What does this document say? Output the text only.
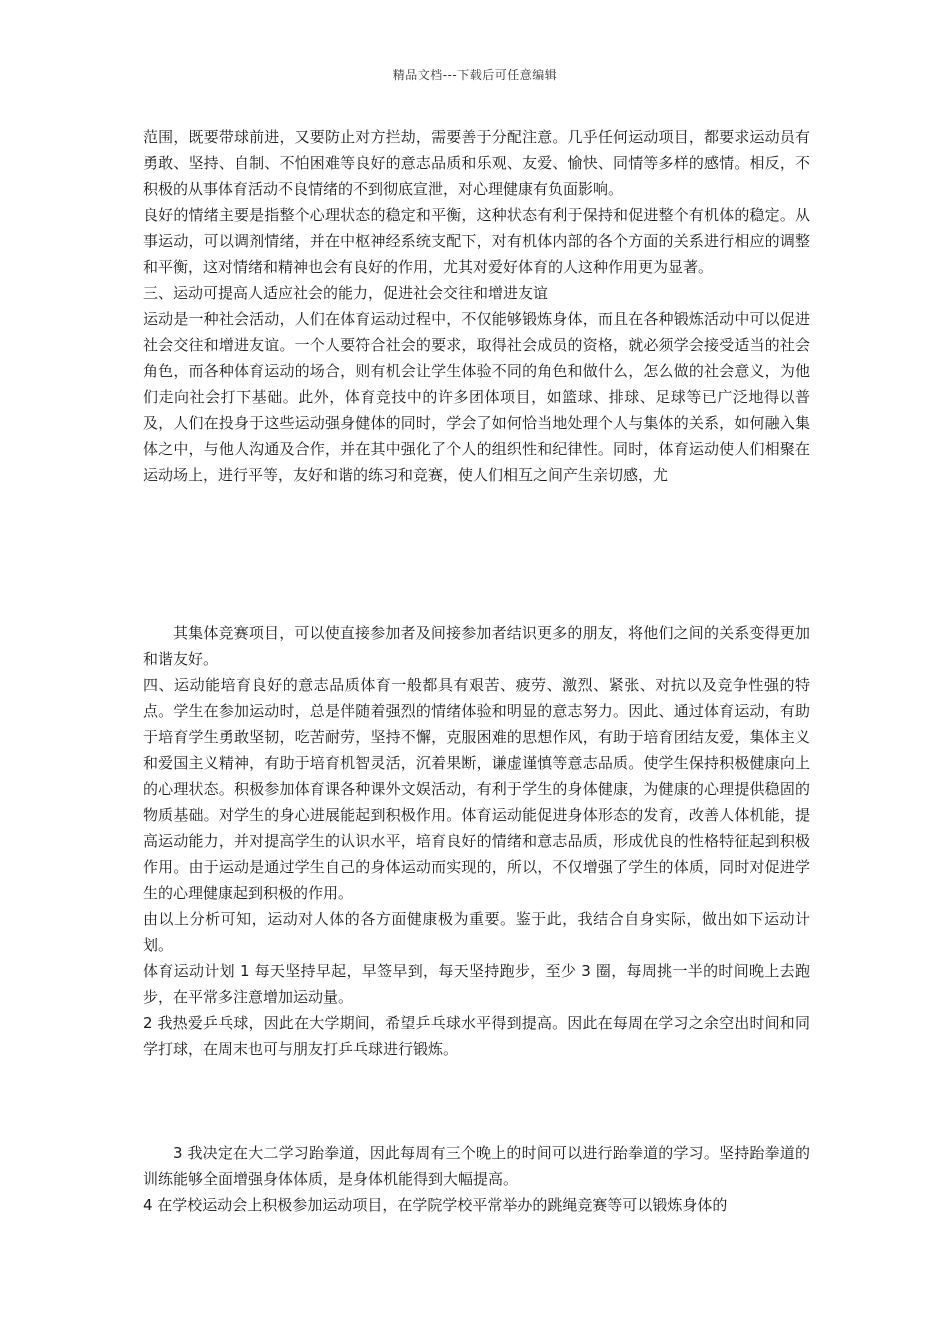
精品文档---下载后可任意编辑

范围，既要带球前进，又要防止对方拦劫，需要善于分配注意。几乎任何运动项目，都要求运动员有勇敢、坚持、自制、不怕困难等良好的意志品质和乐观、友爱、愉快、同情等多样的感情。相反，不积极的从事体育活动不良情绪的不到彻底宣泄，对心理健康有负面影响。

良好的情绪主要是指整个心理状态的稳定和平衡，这种状态有利于保持和促进整个有机体的稳定。从事运动，可以调剂情绪，并在中枢神经系统支配下，对有机体内部的各个方面的关系进行相应的调整和平衡，这对情绪和精神也会有良好的作用，尤其对爱好体育的人这种作用更为显著。

三、运动可提高人适应社会的能力，促进社会交往和增进友谊

运动是一种社会活动，人们在体育运动过程中，不仅能够锻炼身体，而且在各种锻炼活动中可以促进社会交往和增进友谊。一个人要符合社会的要求，取得社会成员的资格，就必须学会接受适当的社会角色，而各种体育运动的场合，则有机会让学生体验不同的角色和做什么，怎么做的社会意义，为他们走向社会打下基础。此外，体育竞技中的许多团体项目，如篮球、排球、足球等已广泛地得以普及，人们在投身于这些运动强身健体的同时，学会了如何恰当地处理个人与集体的关系，如何融入集体之中，与他人沟通及合作，并在其中强化了个人的组织性和纪律性。同时，体育运动使人们相聚在运动场上，进行平等，友好和谐的练习和竞赛，使人们相互之间产生亲切感，尤

其集体竞赛项目，可以使直接参加者及间接参加者结识更多的朋友，将他们之间的关系变得更加和谐友好。

四、运动能培育良好的意志品质体育一般都具有艰苦、疲劳、激烈、紧张、对抗以及竞争性强的特点。学生在参加运动时，总是伴随着强烈的情绪体验和明显的意志努力。因此、通过体育运动，有助于培育学生勇敢坚韧，吃苦耐劳，坚持不懈，克服困难的思想作风，有助于培育团结友爱，集体主义和爱国主义精神，有助于培育机智灵活，沉着果断，谦虚谨慎等意志品质。使学生保持积极健康向上的心理状态。积极参加体育课各种课外文娱活动，有利于学生的身体健康，为健康的心理提供稳固的物质基础。对学生的身心进展能起到积极作用。体育运动能促进身体形态的发育，改善人体机能，提高运动能力，并对提高学生的认识水平，培育良好的情绪和意志品质，形成优良的性格特征起到积极作用。由于运动是通过学生自己的身体运动而实现的，所以，不仅增强了学生的体质，同时对促进学生的心理健康起到积极的作用。

由以上分析可知，运动对人体的各方面健康极为重要。鉴于此，我结合自身实际，做出如下运动计划。

体育运动计划 1 每天坚持早起，早签早到，每天坚持跑步，至少 3 圈，每周挑一半的时间晚上去跑步，在平常多注意增加运动量。

2 我热爱乒乓球，因此在大学期间，希望乒乓球水平得到提高。因此在每周在学习之余空出时间和同学打球，在周末也可与朋友打乒乓球进行锻炼。

3 我决定在大二学习跆拳道，因此每周有三个晚上的时间可以进行跆拳道的学习。坚持跆拳道的训练能够全面增强身体体质，是身体机能得到大幅提高。

4 在学校运动会上积极参加运动项目，在学院学校平常举办的跳绳竞赛等可以锻炼身体的
